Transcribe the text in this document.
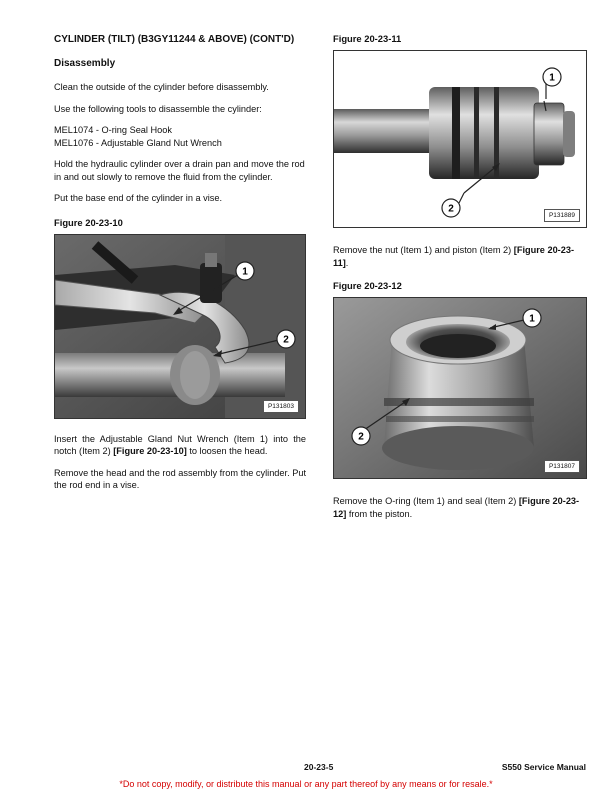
CYLINDER (TILT) (B3GY11244 & ABOVE) (CONT'D)
Disassembly

Clean the outside of the cylinder before disassembly.

Use the following tools to disassemble the cylinder:

MEL1074 - O-ring Seal Hook
MEL1076 - Adjustable Gland Nut Wrench

Hold the hydraulic cylinder over a drain pan and move the rod in and out slowly to remove the fluid from the cylinder.

Put the base end of the cylinder in a vise.

Figure 20-23-10
1
2
P131803

Insert the Adjustable Gland Nut Wrench (Item 1) into the notch (Item 2) [Figure 20-23-10] to loosen the head.

Remove the head and the rod assembly from the cylinder. Put the rod end in a vise.

Figure 20-23-11
1
2
P131889

Remove the nut (Item 1) and piston (Item 2) [Figure 20-23-11].

Figure 20-23-12
1
2
P131807

Remove the O-ring (Item 1) and seal (Item 2) [Figure 20-23-12] from the piston.

20-23-5	S550 Service Manual
*Do not copy, modify, or distribute this manual or any part thereof by any means or for resale.*
